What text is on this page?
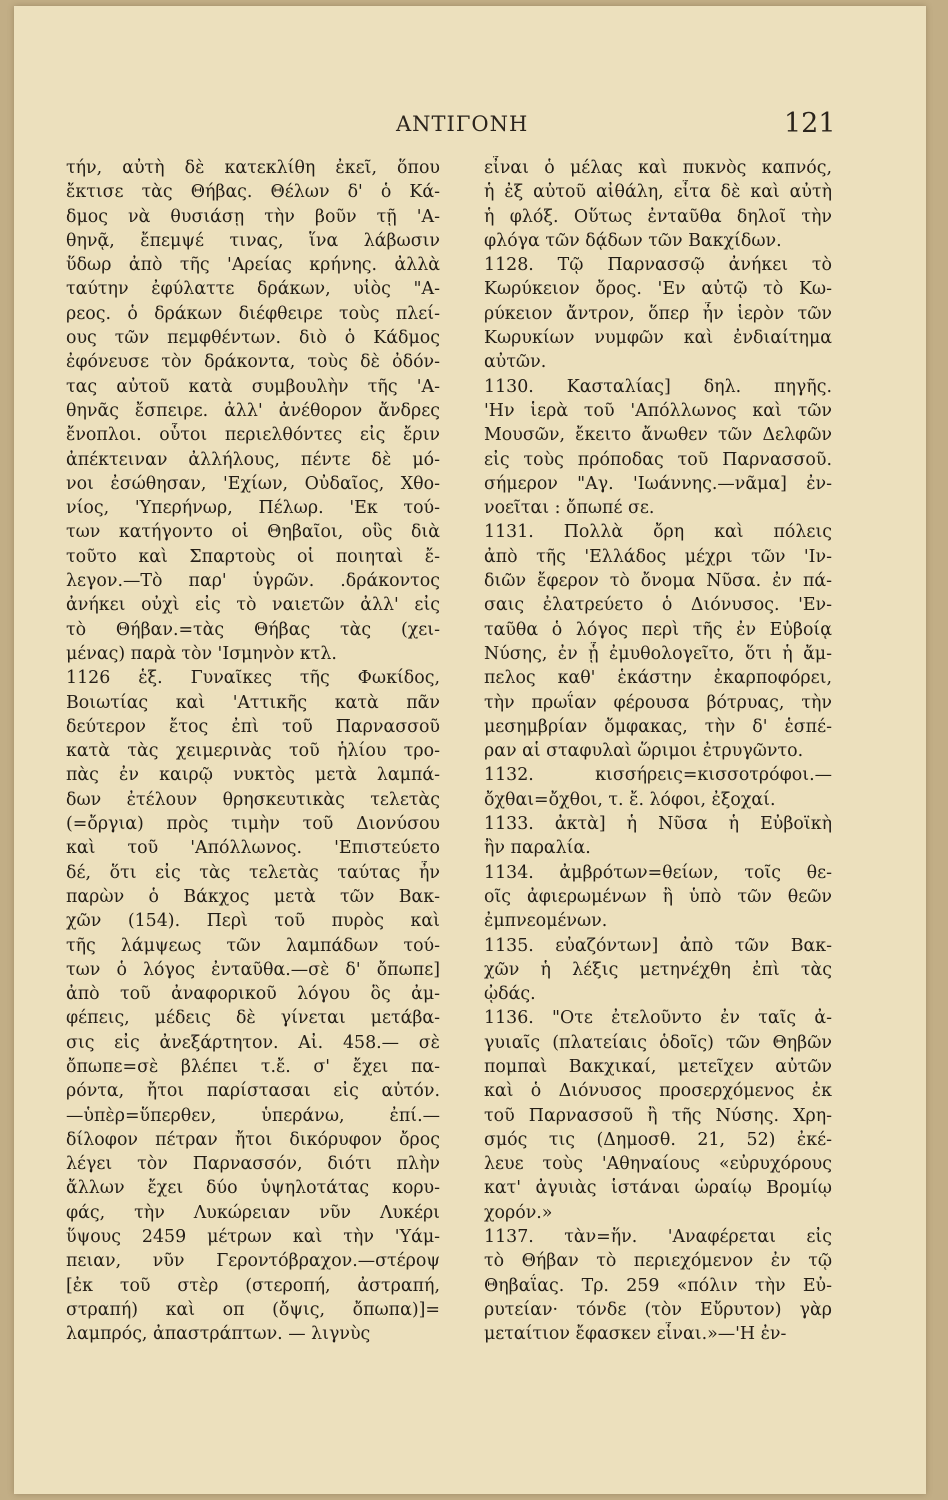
ΑΝΤΙΓΟΝΗ	121
τήν, αὐτὴ δὲ κατεκλίθη ἐκεῖ, ὅπου
ἔκτισε τὰς Θήβας. Θέλων δ' ὁ Κά-
δμος νὰ θυσιάσῃ τὴν βοῦν τῇ 'Α-
θηνᾷ, ἔπεμψέ τινας, ἵνα λάβωσιν
ὕδωρ ἀπὸ τῆς 'Αρείας κρήνης. ἀλλὰ
ταύτην ἐφύλαττε δράκων, υἱὸς "Α-
ρεος. ὁ δράκων διέφθειρε τοὺς πλεί-
ους τῶν πεμφθέντων. διὸ ὁ Κάδμος
ἐφόνευσε τὸν δράκοντα, τοὺς δὲ ὀδόν-
τας αὐτοῦ κατὰ συμβουλὴν τῆς 'Α-
θηνᾶς ἔσπειρε. ἀλλ' ἀνέθορον ἄνδρες
ἔνοπλοι. οὗτοι περιελθόντες εἰς ἔριν
ἀπέκτειναν ἀλλήλους, πέντε δὲ μό-
νοι ἐσώθησαν, 'Εχίων, Οὐδαῖος, Χθο-
νίος, 'Υπερήνωρ, Πέλωρ. 'Εκ τού-
των κατήγοντο οἱ Θηβαῖοι, οὓς διὰ
τοῦτο καὶ Σπαρτοὺς οἱ ποιηταὶ ἔ-
λεγον.—Τὸ παρ' ὑγρῶν. .δράκοντος
ἀνήκει οὐχὶ εἰς τὸ ναιετῶν ἀλλ' εἰς
τὸ Θήβαν.=τὰς Θήβας τὰς (χει-
μένας) παρὰ τὸν 'Ισμηνὸν κτλ.
1126 ἑξ. Γυναῖκες τῆς Φωκίδος,
Βοιωτίας καὶ 'Αττικῆς κατὰ πᾶν
δεύτερον ἔτος ἐπὶ τοῦ Παρνασσοῦ
κατὰ τὰς χειμερινὰς τοῦ ἡλίου τρο-
πὰς ἐν καιρῷ νυκτὸς μετὰ λαμπά-
δων ἐτέλουν θρησκευτικὰς τελετὰς
(=ὄργια) πρὸς τιμὴν τοῦ Διονύσου
καὶ τοῦ 'Απόλλωνος. 'Επιστεύετο
δέ, ὅτι εἰς τὰς τελετὰς ταύτας ἦν
παρὼν ὁ Βάκχος μετὰ τῶν Βακ-
χῶν (154). Περὶ τοῦ πυρὸς καὶ
τῆς λάμψεως τῶν λαμπάδων τού-
των ὁ λόγος ἐνταῦθα.—σὲ δ' ὄπωπε]
ἀπὸ τοῦ ἀναφορικοῦ λόγου ὃς ἀμ-
φέπεις, μέδεις δὲ γίνεται μετάβα-
σις εἰς ἀνεξάρτητον. Αἰ. 458.— σὲ
ὄπωπε=σὲ βλέπει τ.ἔ. σ' ἔχει πα-
ρόντα, ἤτοι παρίστασαι εἰς αὐτόν.
—ὑπὲρ=ὕπερθεν, ὑπεράνω, ἐπί.—
δίλοφον πέτραν ἤτοι δικόρυφον ὄρος
λέγει τὸν Παρνασσόν, διότι πλὴν
ἄλλων ἔχει δύο ὑψηλοτάτας κορυ-
φάς, τὴν Λυκώρειαν νῦν Λυκέρι
ὕψους 2459 μέτρων καὶ τὴν 'Υάμ-
πειαν, νῦν Γεροντόβραχον.—στέροψ
[ἐκ τοῦ στὲρ (στεροπή, ἀστραπή,
στραπή) καὶ οπ (ὄψις, ὄπωπα)]=
λαμπρός, ἀπαστράπτων. — λιγνὺς
εἶναι ὁ μέλας καὶ πυκνὸς καπνός,
ἡ ἐξ αὐτοῦ αἰθάλη, εἶτα δὲ καὶ αὐτὴ
ἡ φλόξ. Οὕτως ἐνταῦθα δηλοῖ τὴν
φλόγα τῶν δᾴδων τῶν Βακχίδων.
1128. Τῷ Παρνασσῷ ἀνήκει τὸ
Κωρύκειον ὄρος. 'Εν αὐτῷ τὸ Κω-
ρύκειον ἄντρον, ὅπερ ἦν ἱερὸν τῶν
Κωρυκίων νυμφῶν καὶ ἐνδιαίτημα
αὐτῶν.
1130. Κασταλίας] δηλ. πηγῆς.
'Ην ἱερὰ τοῦ 'Απόλλωνος καὶ τῶν
Μουσῶν, ἔκειτο ἄνωθεν τῶν Δελφῶν
εἰς τοὺς πρόποδας τοῦ Παρνασσοῦ.
σήμερον "Αγ. 'Ιωάννης.—νᾶμα] ἐν-
νοεῖται : ὄπωπέ σε.
1131. Πολλὰ ὄρη καὶ πόλεις
ἀπὸ τῆς 'Ελλάδος μέχρι τῶν 'Ιν-
διῶν ἔφερον τὸ ὄνομα Νῦσα. ἐν πά-
σαις ἐλατρεύετο ὁ Διόνυσος. 'Εν-
ταῦθα ὁ λόγος περὶ τῆς ἐν Εὐβοίᾳ
Νύσης, ἐν ᾗ ἐμυθολογεῖτο, ὅτι ἡ ἄμ-
πελος καθ' ἑκάστην ἐκαρποφόρει,
τὴν πρωΐαν φέρουσα βότρυας, τὴν
μεσημβρίαν ὄμφακας, τὴν δ' ἑσπέ-
ραν αἱ σταφυλαὶ ὥριμοι ἐτρυγῶντο.
1132. κισσήρεις=κισσοτρόφοι.—
ὄχθαι=ὄχθοι, τ. ἔ. λόφοι, ἐξοχαί.
1133. ἀκτὰ] ἡ Νῦσα ἡ Εὐβοϊκὴ
ἢν παραλία.
1134. ἀμβρότων=θείων, τοῖς θε-
οῖς ἀφιερωμένων ἢ ὑπὸ τῶν θεῶν
ἐμπνεομένων.
1135. εὐαζόντων] ἀπὸ τῶν Βακ-
χῶν ἡ λέξις μετηνέχθη ἐπὶ τὰς
ᾠδάς.
1136. "Οτε ἐτελοῦντο ἐν ταῖς ἀ-
γυιαῖς (πλατείαις ὁδοῖς) τῶν Θηβῶν
πομπαὶ Βακχικαί, μετεῖχεν αὐτῶν
καὶ ὁ Διόνυσος προσερχόμενος ἐκ
τοῦ Παρνασσοῦ ἢ τῆς Νύσης. Χρη-
σμός τις (Δημοσθ. 21, 52) ἐκέ-
λευε τοὺς 'Αθηναίους «εὐρυχόρους
κατ' ἀγυιὰς ἱστάναι ὡραίῳ Βρομίῳ
χορόν.»
1137. τὰν=ἥν. 'Αναφέρεται εἰς
τὸ Θήβαν τὸ περιεχόμενον ἐν τῷ
Θηβαΐας. Τρ. 259 «πόλιν τὴν Εὐ-
ρυτείαν· τόνδε (τὸν Εὔρυτον) γὰρ
μεταίτιον ἔφασκεν εἶναι.»—'Η ἐν-
